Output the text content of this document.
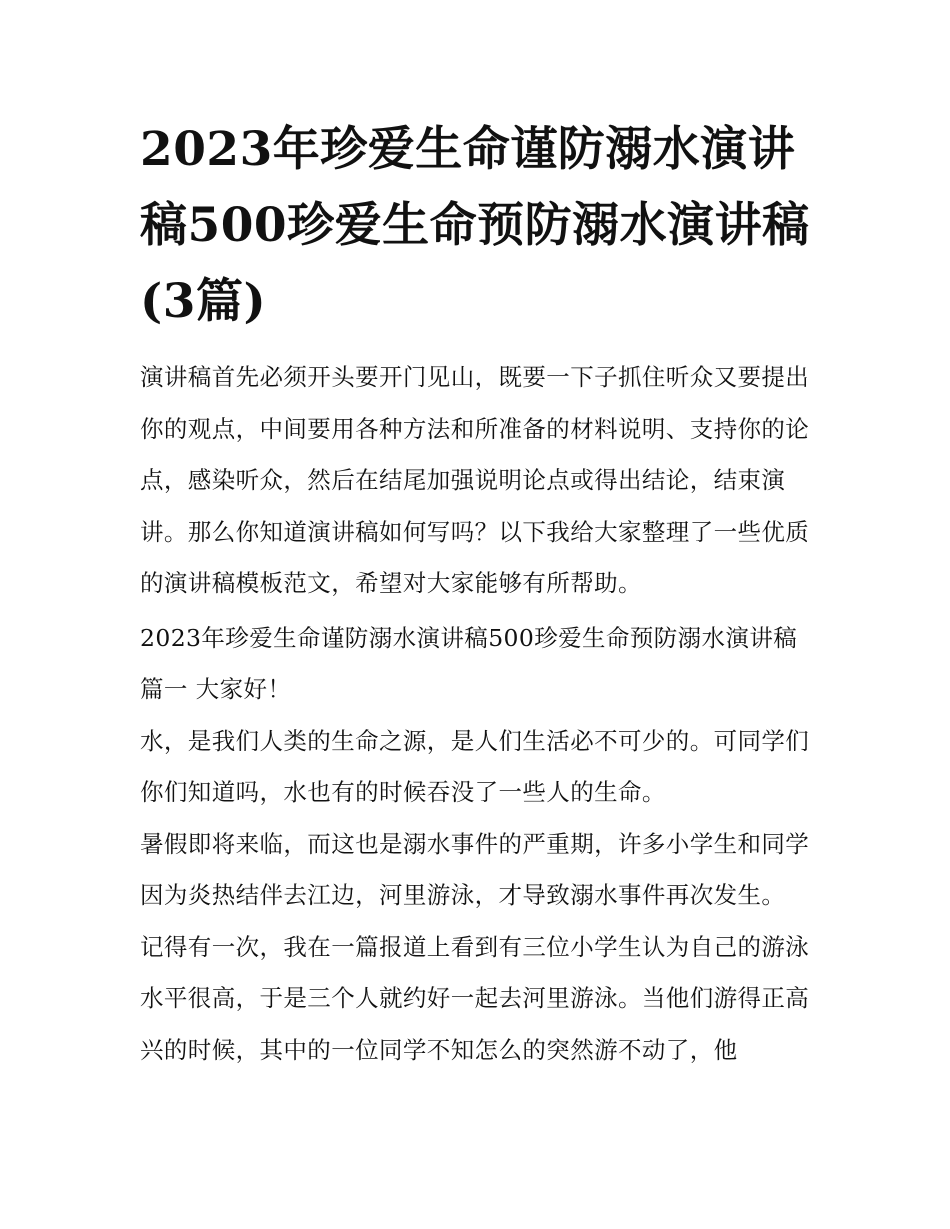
2023年珍爱生命谨防溺水演讲稿500珍爱生命预防溺水演讲稿(3篇)

演讲稿首先必须开头要开门见山，既要一下子抓住听众又要提出你的观点，中间要用各种方法和所准备的材料说明、支持你的论点，感染听众，然后在结尾加强说明论点或得出结论，结束演讲。那么你知道演讲稿如何写吗？以下我给大家整理了一些优质的演讲稿模板范文，希望对大家能够有所帮助。

2023年珍爱生命谨防溺水演讲稿500珍爱生命预防溺水演讲稿篇一 大家好！

水，是我们人类的生命之源，是人们生活必不可少的。可同学们你们知道吗，水也有的时候吞没了一些人的生命。

暑假即将来临，而这也是溺水事件的严重期，许多小学生和同学因为炎热结伴去江边，河里游泳，才导致溺水事件再次发生。

记得有一次，我在一篇报道上看到有三位小学生认为自己的游泳水平很高，于是三个人就约好一起去河里游泳。当他们游得正高兴的时候，其中的一位同学不知怎么的突然游不动了，他
